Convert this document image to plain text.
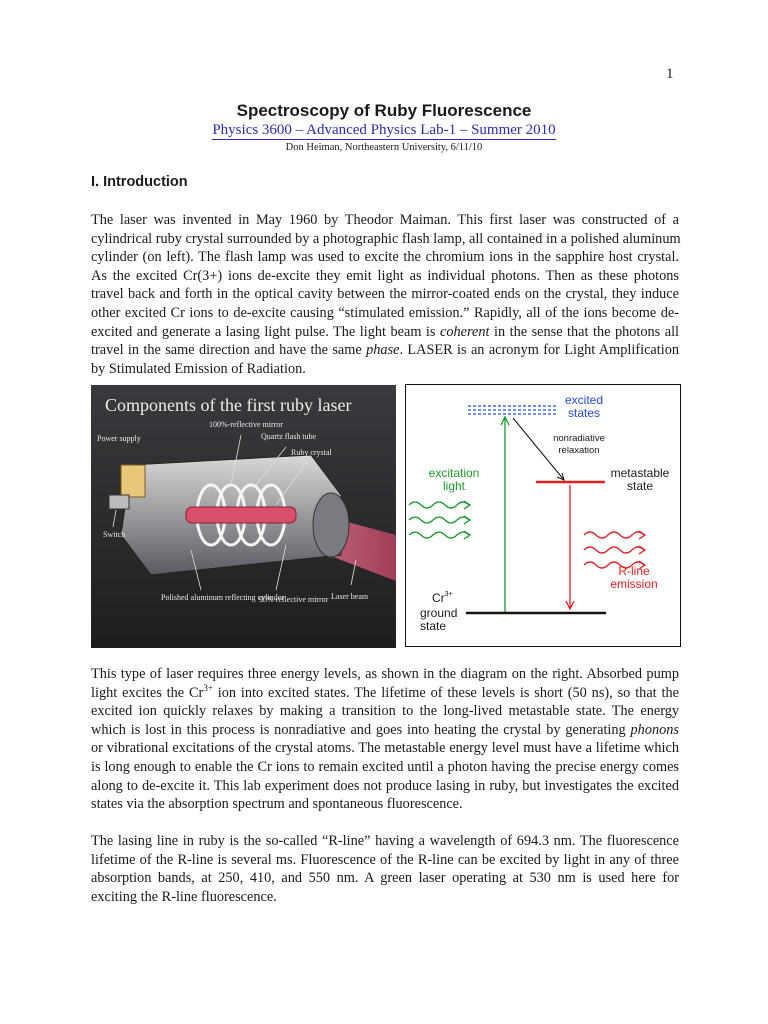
1
Spectroscopy of Ruby Fluorescence
Physics 3600 – Advanced Physics Lab-1 – Summer 2010
Don Heiman, Northeastern University, 6/11/10
I. Introduction

The laser was invented in May 1960 by Theodor Maiman. This first laser was constructed of a
cylindrical ruby crystal surrounded by a photographic flash lamp, all contained in a polished aluminum
cylinder (on left). The flash lamp was used to excite the chromium ions in the sapphire host crystal.
As the excited Cr(3+) ions de-excite they emit light as individual photons. Then as these photons
travel back and forth in the optical cavity between the mirror-coated ends on the crystal, they induce
other excited Cr ions to de-excite causing “stimulated emission.” Rapidly, all of the ions become de-
excited and generate a lasing light pulse. The light beam is coherent in the sense that the photons all
travel in the same direction and have the same phase. LASER is an acronym for Light Amplification
by Stimulated Emission of Radiation.

Components of the first ruby laser
100%-reflective mirror
Quartz flash tube
Ruby crystal
Power supply
Switch
Polished aluminum reflecting cylinder
95% reflective mirror Laser beam
excited states
nonradiative relaxation
excitation light
metastable state
R-line emission
$Cr^{3+}$
ground state

This type of laser requires three energy levels, as shown in the diagram on the right. Absorbed pump
light excites the $Cr^{3+}$ ion into excited states. The lifetime of these levels is short (50 ns), so that the
excited ion quickly relaxes by making a transition to the long-lived metastable state. The energy
which is lost in this process is nonradiative and goes into heating the crystal by generating phonons
or vibrational excitations of the crystal atoms. The metastable energy level must have a lifetime which
is long enough to enable the Cr ions to remain excited until a photon having the precise energy comes
along to de-excite it. This lab experiment does not produce lasing in ruby, but investigates the excited
states via the absorption spectrum and spontaneous fluorescence.

The lasing line in ruby is the so-called “R-line” having a wavelength of 694.3 nm. The fluorescence
lifetime of the R-line is several ms. Fluorescence of the R-line can be excited by light in any of three
absorption bands, at 250, 410, and 550 nm. A green laser operating at 530 nm is used here for
exciting the R-line fluorescence.
